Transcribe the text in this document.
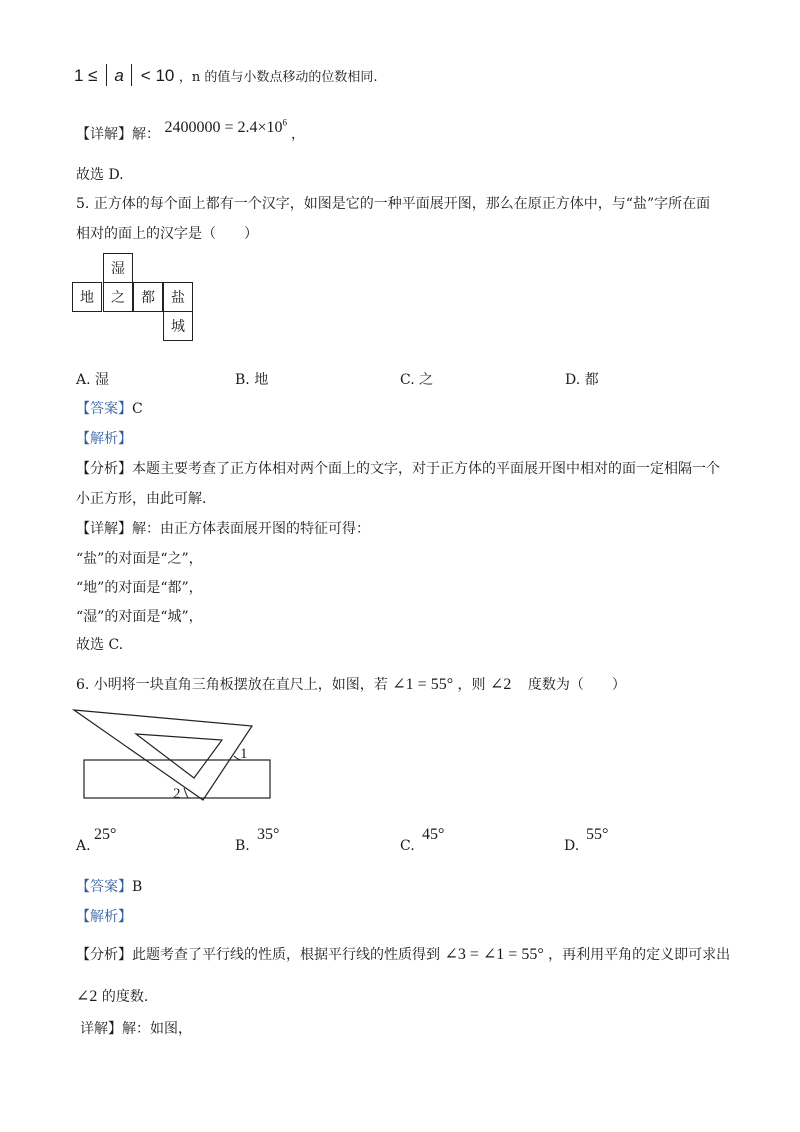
1 ≤ a < 10 ，n 的值与小数点移动的位数相同.
【详解】解： $2400000 = 2.4\times 10^6$ ，
故选 D.
5. 正方体的每个面上都有一个汉字，如图是它的一种平面展开图，那么在原正方体中，与“盐”字所在面
相对的面上的汉字是（　　）
湿
地	之	都	盐
城
A. 湿	B. 地	C. 之	D. 都
【答案】C
【解析】
【分析】本题主要考查了正方体相对两个面上的文字，对于正方体的平面展开图中相对的面一定相隔一个
小正方形，由此可解.
【详解】解：由正方体表面展开图的特征可得：
“盐”的对面是“之”，
“地”的对面是“都”，
“湿”的对面是“城”，
故选 C.
6. 小明将一块直角三角板摆放在直尺上，如图，若 ∠1 = 55° ，则 ∠2 度数为（　　）
1
2
A.
25°
B.
35°
C.
45°
D.
55°
【答案】B
【解析】
【分析】此题考查了平行线的性质，根据平行线的性质得到 ∠3 = ∠1 = 55° ，再利用平角的定义即可求出
∠2 的度数.
详解】解：如图，
